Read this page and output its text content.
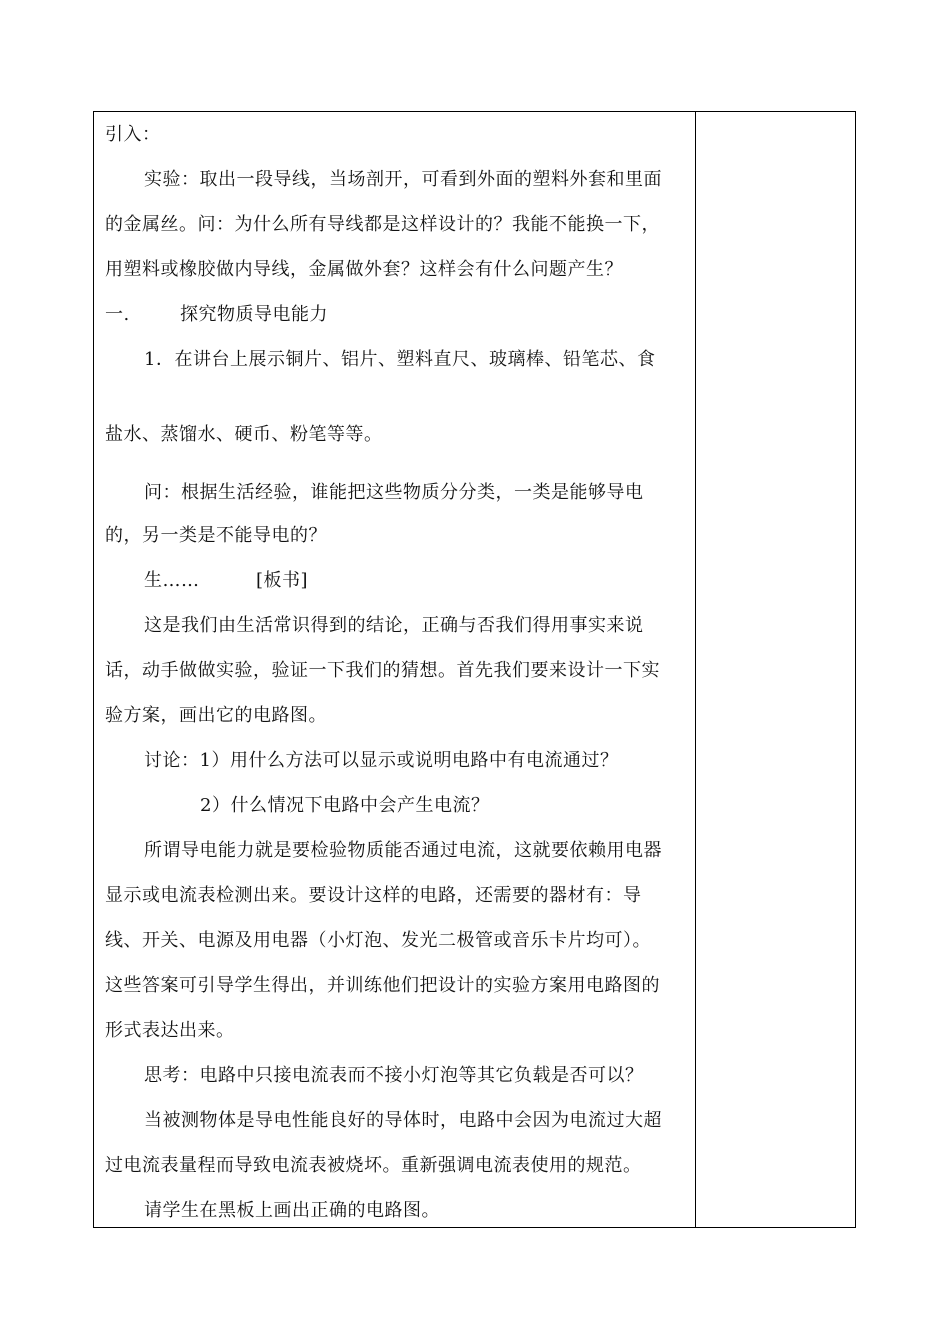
引入：
实验：取出一段导线，当场剖开，可看到外面的塑料外套和里面
的金属丝。问：为什么所有导线都是这样设计的？我能不能换一下，
用塑料或橡胶做内导线，金属做外套？这样会有什么问题产生？
一.	探究物质导电能力
1．在讲台上展示铜片、铝片、塑料直尺、玻璃棒、铅笔芯、食
盐水、蒸馏水、硬币、粉笔等等。
问：根据生活经验，谁能把这些物质分分类，一类是能够导电
的，另一类是不能导电的？
生……	[板书]
这是我们由生活常识得到的结论，正确与否我们得用事实来说
话，动手做做实验，验证一下我们的猜想。首先我们要来设计一下实
验方案，画出它的电路图。
讨论：1）用什么方法可以显示或说明电路中有电流通过？
2）什么情况下电路中会产生电流？
所谓导电能力就是要检验物质能否通过电流，这就要依赖用电器
显示或电流表检测出来。要设计这样的电路，还需要的器材有：导
线、开关、电源及用电器（小灯泡、发光二极管或音乐卡片均可）。
这些答案可引导学生得出，并训练他们把设计的实验方案用电路图的
形式表达出来。
思考：电路中只接电流表而不接小灯泡等其它负载是否可以？
当被测物体是导电性能良好的导体时，电路中会因为电流过大超
过电流表量程而导致电流表被烧坏。重新强调电流表使用的规范。
请学生在黑板上画出正确的电路图。
